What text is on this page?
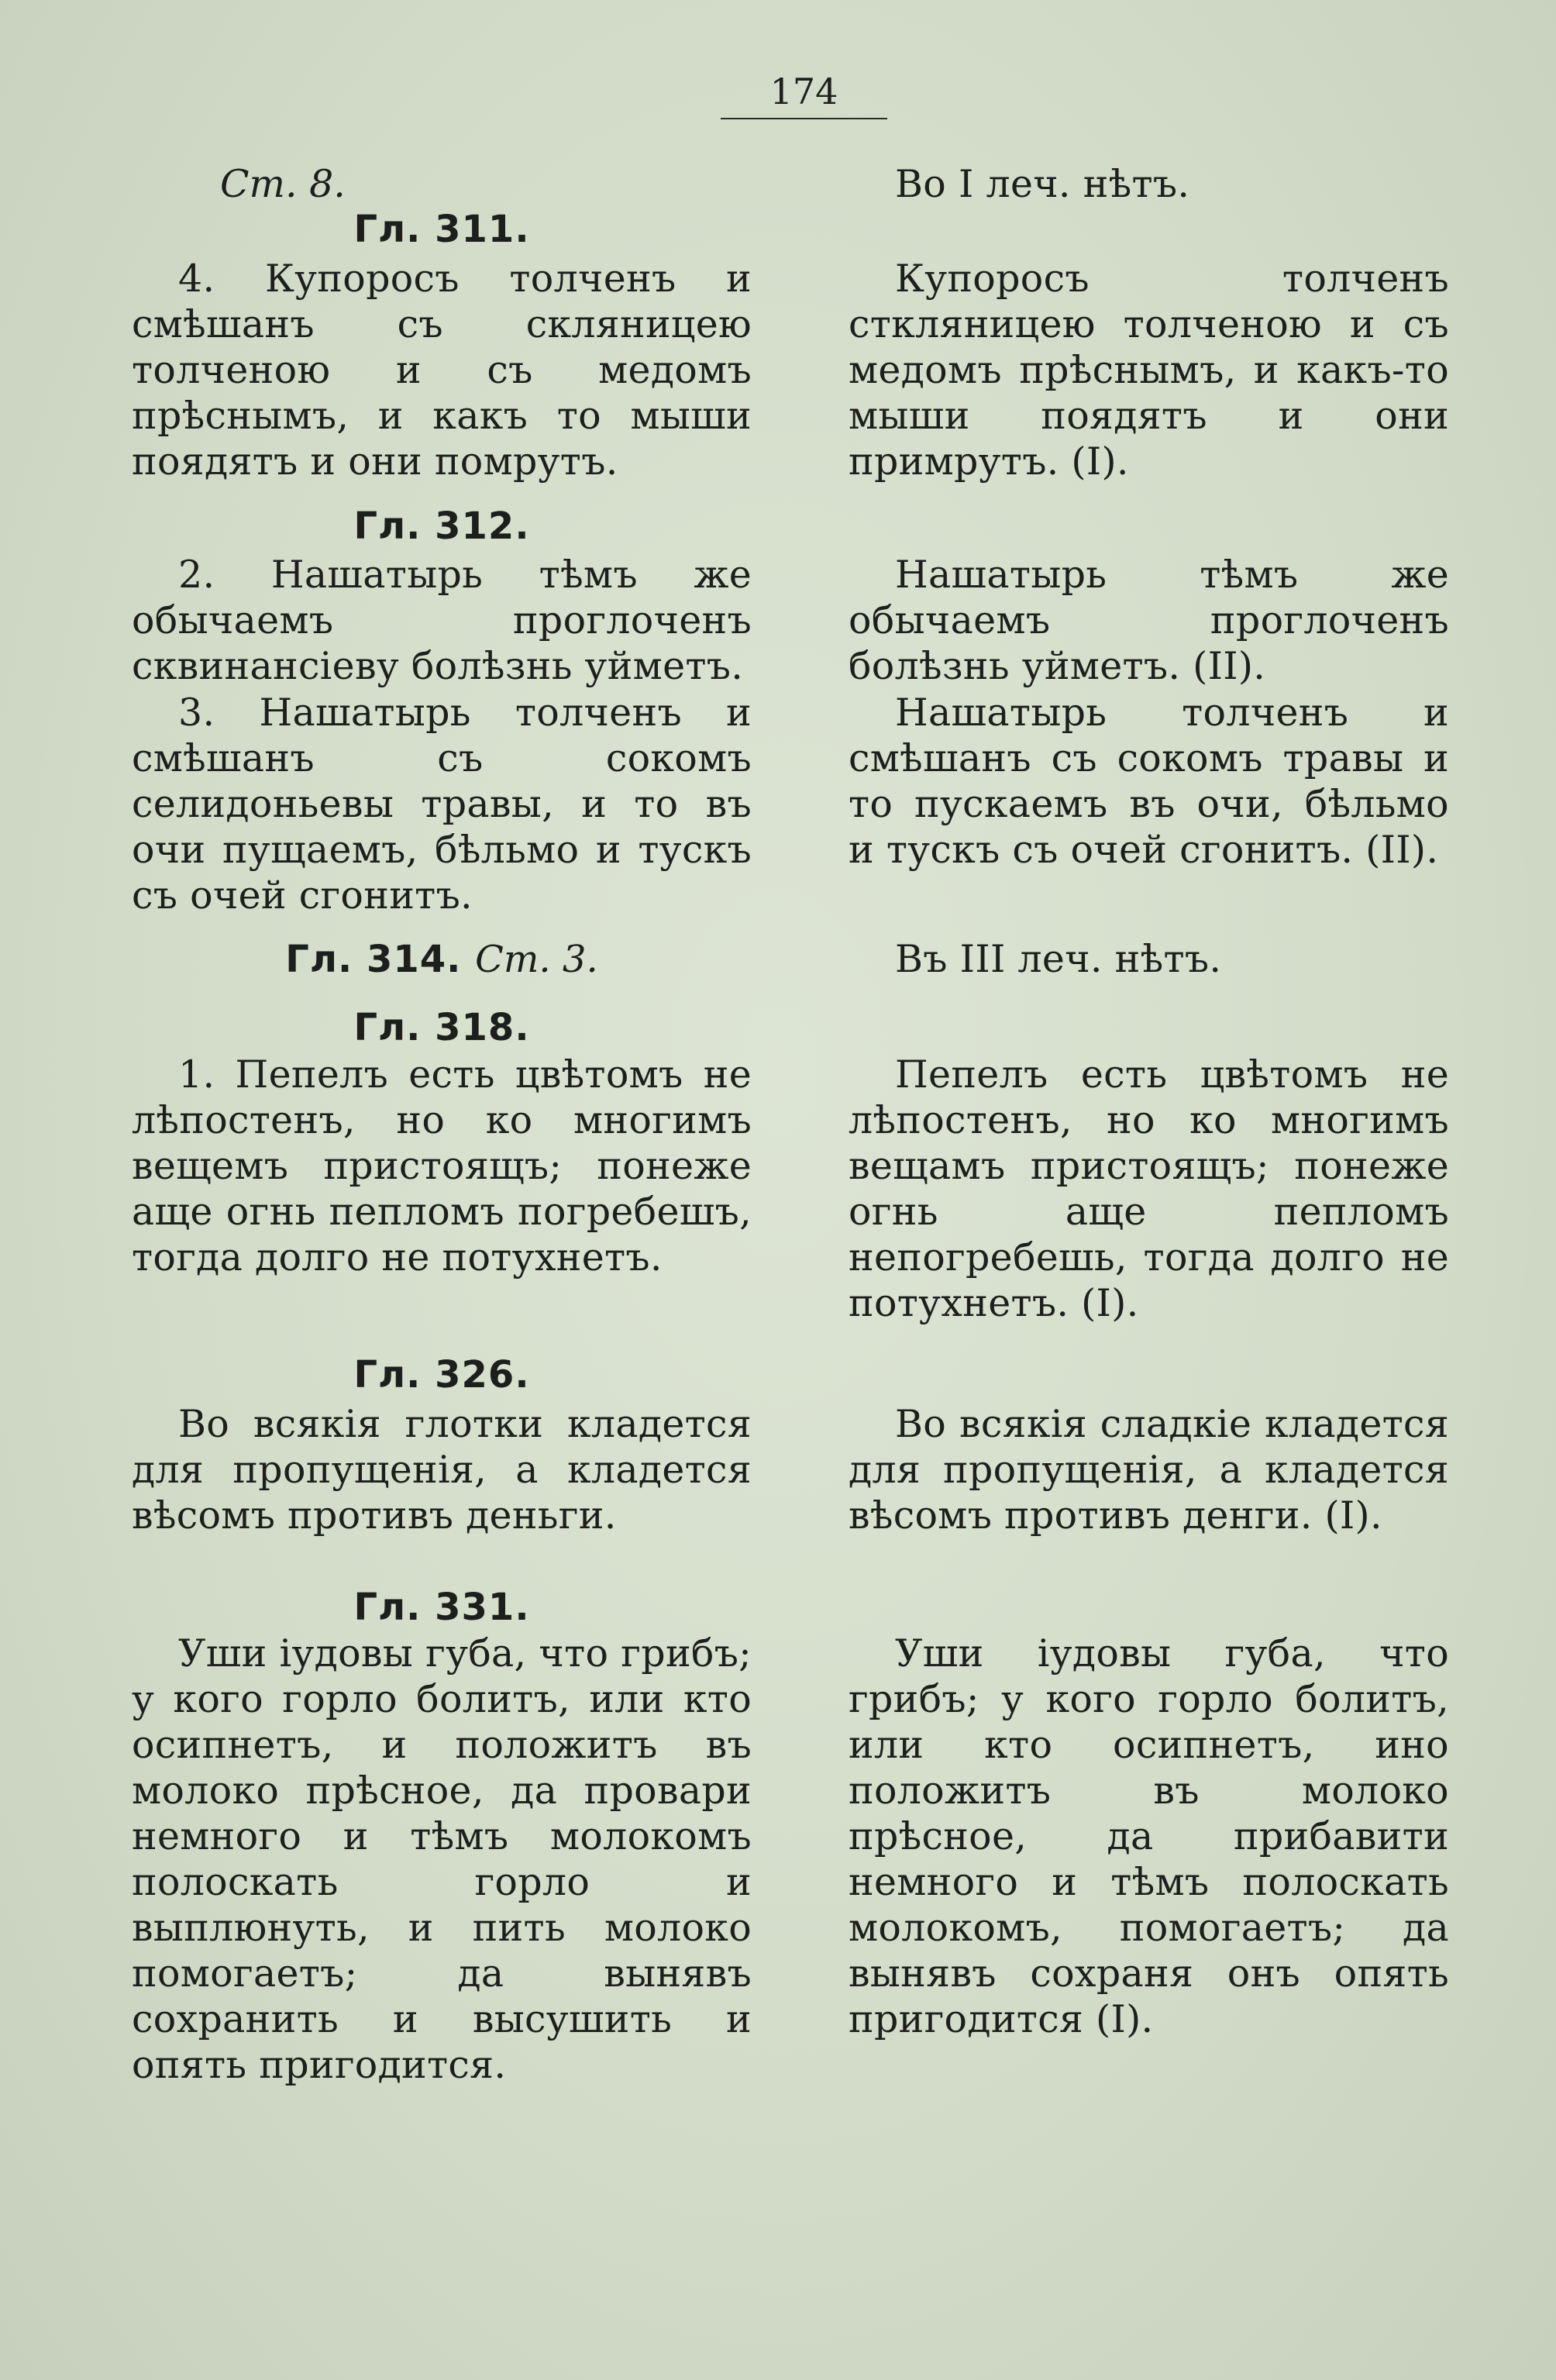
174

Ст. 8.

Гл. 311.

4. Купоросъ толченъ и смѣшанъ съ скляницею толченою и съ медомъ прѣснымъ, и какъ то мыши поядятъ и они помрутъ.

Гл. 312.

2. Нашатырь тѣмъ же обычаемъ проглоченъ сквинансіеву болѣзнь уйметъ.

3. Нашатырь толченъ и смѣшанъ съ сокомъ селидоньевы травы, и то въ очи пущаемъ, бѣльмо и тускъ съ очей сгонитъ.

Гл. 314. Ст. 3.

Гл. 318.

1. Пепелъ есть цвѣтомъ не лѣпостенъ, но ко многимъ вещемъ пристоящъ; понеже аще огнь пепломъ погребешъ, тогда долго не потухнетъ.

Гл. 326.

Во всякія глотки кладется для пропущенія, а кладется вѣсомъ противъ деньги.

Гл. 331.

Уши іудовы губа, что грибъ; у кого горло болитъ, или кто осипнетъ, и положитъ въ молоко прѣсное, да провари немного и тѣмъ молокомъ полоскать горло и выплюнуть, и пить молоко помогаетъ; да вынявъ сохранить и высушить и опять пригодится.

Во I леч. нѣтъ.

Купоросъ толченъ сткляницею толченою и съ медомъ прѣснымъ, и какъ-то мыши поядятъ и они примрутъ. (I).

Нашатырь тѣмъ же обычаемъ проглоченъ болѣзнь уйметъ. (II).

Нашатырь толченъ и смѣшанъ съ сокомъ травы и то пускаемъ въ очи, бѣльмо и тускъ съ очей сгонитъ. (II).

Въ III леч. нѣтъ.

Пепелъ есть цвѣтомъ не лѣпостенъ, но ко многимъ вещамъ пристоящъ; понеже огнь аще пепломъ непогребешь, тогда долго не потухнетъ. (I).

Во всякія сладкіе кладется для пропущенія, а кладется вѣсомъ противъ денги. (I).

Уши іудовы губа, что грибъ; у кого горло болитъ, или кто осипнетъ, ино положитъ въ молоко прѣсное, да прибавити немного и тѣмъ полоскать молокомъ, помогаетъ; да вынявъ сохраня онъ опять пригодится (I).
